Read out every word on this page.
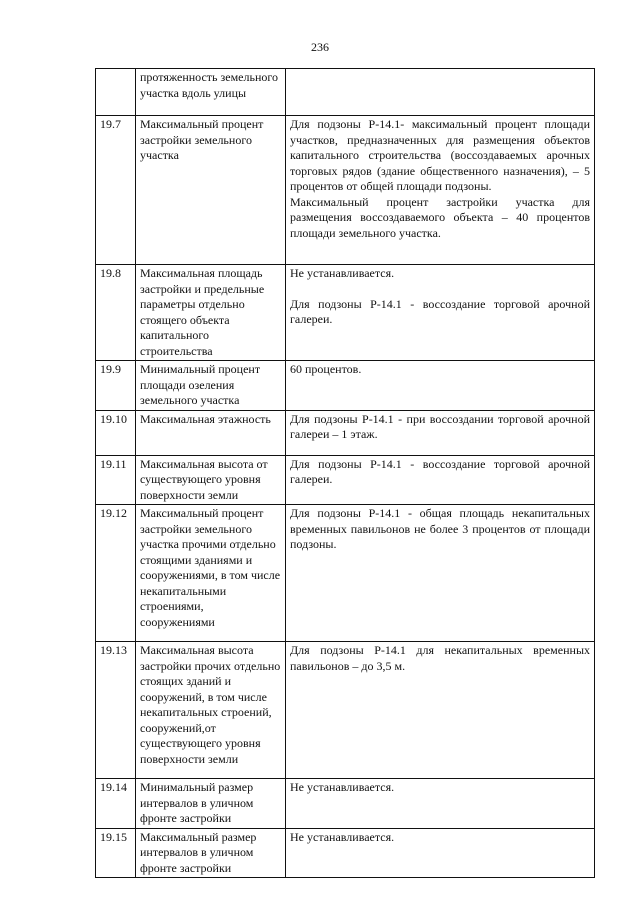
236
	протяженность земельного участка вдоль улицы	
19.7	Максимальный процент застройки земельного участка	Для подзоны Р-14.1- максимальный процент площади участков, предназначенных для размещения объектов капитального строительства (воссоздаваемых арочных торговых рядов (здание общественного назначения), – 5 процентов от общей площади подзоны.
Максимальный процент застройки участка для размещения воссоздаваемого объекта – 40 процентов площади земельного участка.

19.8	Максимальная площадь застройки и предельные параметры отдельно стоящего объекта капитального строительства	Не устанавливается.
Для подзоны Р-14.1 - воссоздание торговой арочной галереи.

19.9	Минимальный процент площади озеления земельного участка	60 процентов.

19.10	Максимальная этажность	Для подзоны Р-14.1 - при воссоздании торговой арочной галереи – 1 этаж.

19.11	Максимальная высота от существующего уровня поверхности земли	Для подзоны Р-14.1 - воссоздание торговой арочной галереи.

19.12	Максимальный процент застройки земельного участка прочими отдельно стоящими зданиями и сооружениями, в том числе некапитальными строениями, сооружениями	Для подзоны Р-14.1 - общая площадь некапитальных временных павильонов не более 3 процентов от площади подзоны.

19.13	Максимальная высота застройки прочих отдельно стоящих зданий и сооружений, в том числе некапитальных строений, сооружений,от существующего уровня поверхности земли	Для подзоны Р-14.1 для некапитальных временных павильонов – до 3,5 м.

19.14	Минимальный размер интервалов в уличном фронте застройки	Не устанавливается.

19.15	Максимальный размер интервалов в уличном фронте застройки	Не устанавливается.
